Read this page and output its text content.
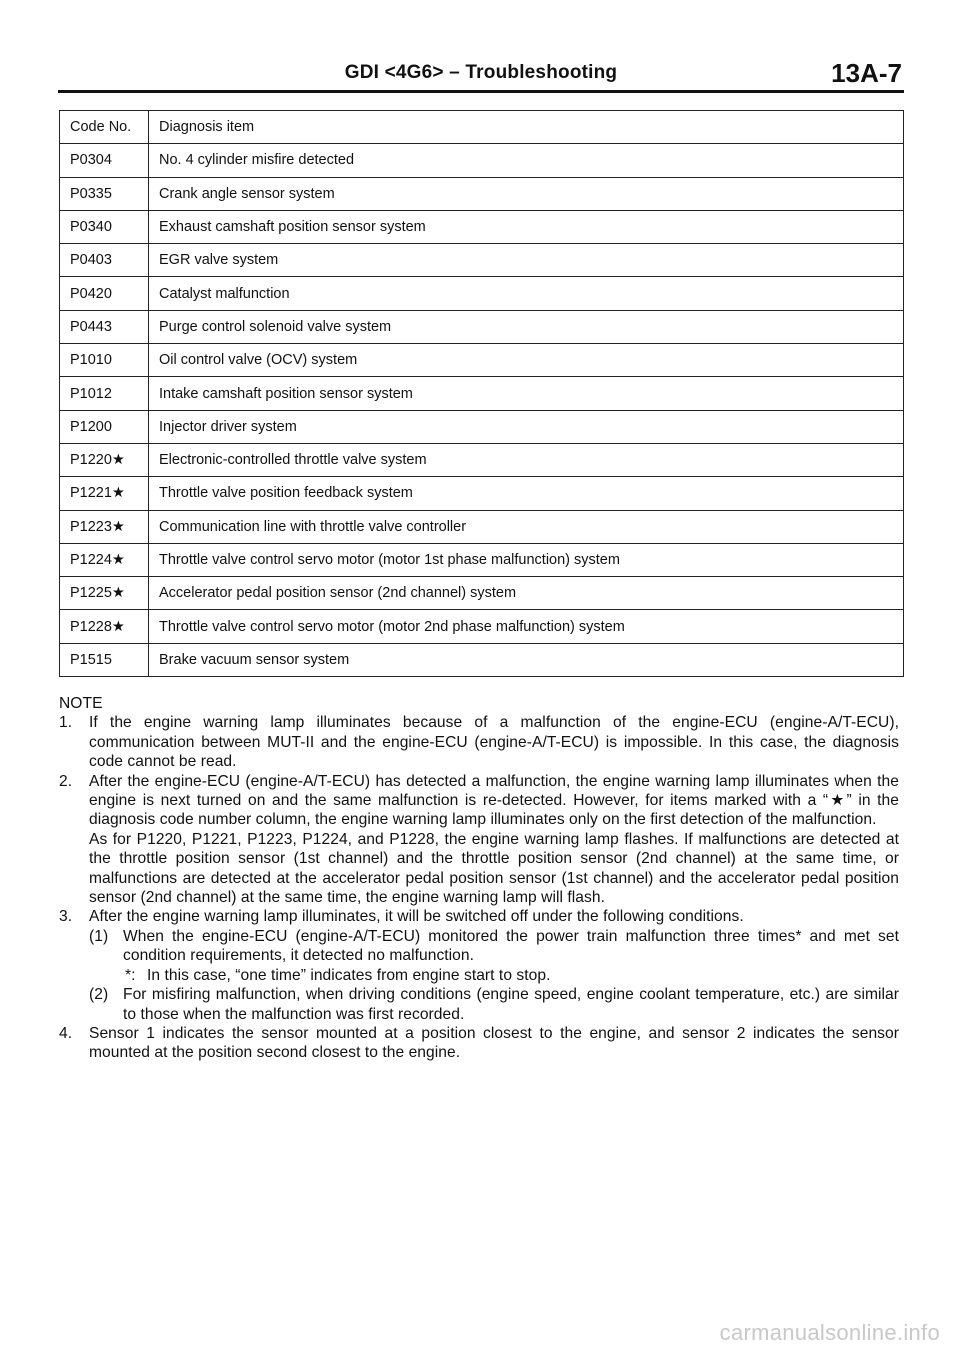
GDI <4G6> – Troubleshooting	13A-7
Code No.	Diagnosis item
P0304	No. 4 cylinder misfire detected
P0335	Crank angle sensor system
P0340	Exhaust camshaft position sensor system
P0403	EGR valve system
P0420	Catalyst malfunction
P0443	Purge control solenoid valve system
P1010	Oil control valve (OCV) system
P1012	Intake camshaft position sensor system
P1200	Injector driver system
P1220★	Electronic-controlled throttle valve system
P1221★	Throttle valve position feedback system
P1223★	Communication line with throttle valve controller
P1224★	Throttle valve control servo motor (motor 1st phase malfunction) system
P1225★	Accelerator pedal position sensor (2nd channel) system
P1228★	Throttle valve control servo motor (motor 2nd phase malfunction) system
P1515	Brake vacuum sensor system

NOTE

1.	If the engine warning lamp illuminates because of a malfunction of the engine-ECU (engine-A/T-ECU), communication between MUT-II and the engine-ECU (engine-A/T-ECU) is impossible. In this case, the diagnosis code cannot be read.
2.	After the engine-ECU (engine-A/T-ECU) has detected a malfunction, the engine warning lamp illuminates when the engine is next turned on and the same malfunction is re-detected. However, for items marked with a “★” in the diagnosis code number column, the engine warning lamp illuminates only on the first detection of the malfunction.

As for P1220, P1221, P1223, P1224, and P1228, the engine warning lamp flashes. If malfunctions are detected at the throttle position sensor (1st channel) and the throttle position sensor (2nd channel) at the same time, or malfunctions are detected at the accelerator pedal position sensor (1st channel) and the accelerator pedal position sensor (2nd channel) at the same time, the engine warning lamp will flash.

3.	After the engine warning lamp illuminates, it will be switched off under the following conditions.
(1) When the engine-ECU (engine-A/T-ECU) monitored the power train malfunction three times* and met set condition requirements, it detected no malfunction.
*: In this case, “one time” indicates from engine start to stop.
(2) For misfiring malfunction, when driving conditions (engine speed, engine coolant temperature, etc.) are similar to those when the malfunction was first recorded.
4.	Sensor 1 indicates the sensor mounted at a position closest to the engine, and sensor 2 indicates the sensor mounted at the position second closest to the engine.
carmanualsonline.info
